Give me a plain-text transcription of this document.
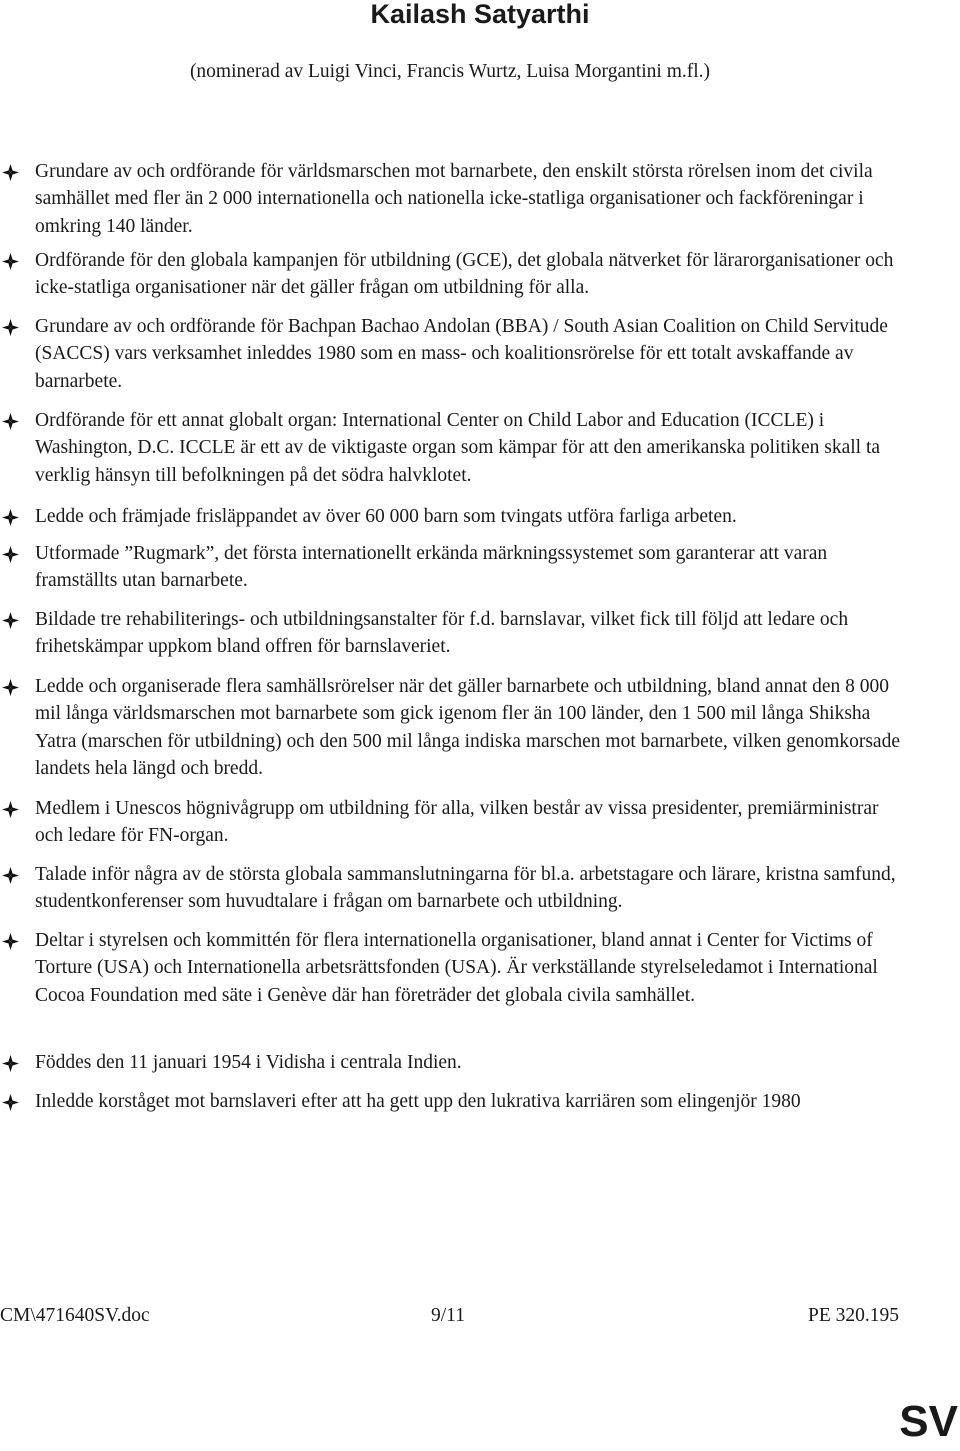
Kailash Satyarthi

(nominerad av Luigi Vinci, Francis Wurtz, Luisa Morgantini m.fl.)

Grundare av och ordförande för världsmarschen mot barnarbete, den enskilt största rörelsen inom det civila samhället med fler än 2 000 internationella och nationella icke-statliga organisationer och fackföreningar i omkring 140 länder.

Ordförande för den globala kampanjen för utbildning (GCE), det globala nätverket för lärarorganisationer och icke-statliga organisationer när det gäller frågan om utbildning för alla.

Grundare av och ordförande för Bachpan Bachao Andolan (BBA) / South Asian Coalition on Child Servitude (SACCS) vars verksamhet inleddes 1980 som en mass- och koalitionsrörelse för ett totalt avskaffande av barnarbete.

Ordförande för ett annat globalt organ: International Center on Child Labor and Education (ICCLE) i Washington, D.C. ICCLE är ett av de viktigaste organ som kämpar för att den amerikanska politiken skall ta verklig hänsyn till befolkningen på det södra halvklotet.

Ledde och främjade frisläppandet av över 60 000 barn som tvingats utföra farliga arbeten.

Utformade ”Rugmark”, det första internationellt erkända märkningssystemet som garanterar att varan framställts utan barnarbete.

Bildade tre rehabiliterings- och utbildningsanstalter för f.d. barnslavar, vilket fick till följd att ledare och frihetskämpar uppkom bland offren för barnslaveriet.

Ledde och organiserade flera samhällsrörelser när det gäller barnarbete och utbildning, bland annat den 8 000 mil långa världsmarschen mot barnarbete som gick igenom fler än 100 länder, den 1 500 mil långa Shiksha Yatra (marschen för utbildning) och den 500 mil långa indiska marschen mot barnarbete, vilken genomkorsade landets hela längd och bredd.

Medlem i Unescos högnivågrupp om utbildning för alla, vilken består av vissa presidenter, premiärministrar och ledare för FN-organ.

Talade inför några av de största globala sammanslutningarna för bl.a. arbetstagare och lärare, kristna samfund, studentkonferenser som huvudtalare i frågan om barnarbete och utbildning.

Deltar i styrelsen och kommittén för flera internationella organisationer, bland annat i Center for Victims of Torture (USA) och Internationella arbetsrättsfonden (USA). Är verkställande styrelseledamot i International Cocoa Foundation med säte i Genève där han företräder det globala civila samhället.

Föddes den 11 januari 1954 i Vidisha i centrala Indien.

Inledde korståget mot barnslaveri efter att ha gett upp den lukrativa karriären som elingenjör 1980

CM\471640SV.doc	9/11	PE 320.195

SV
